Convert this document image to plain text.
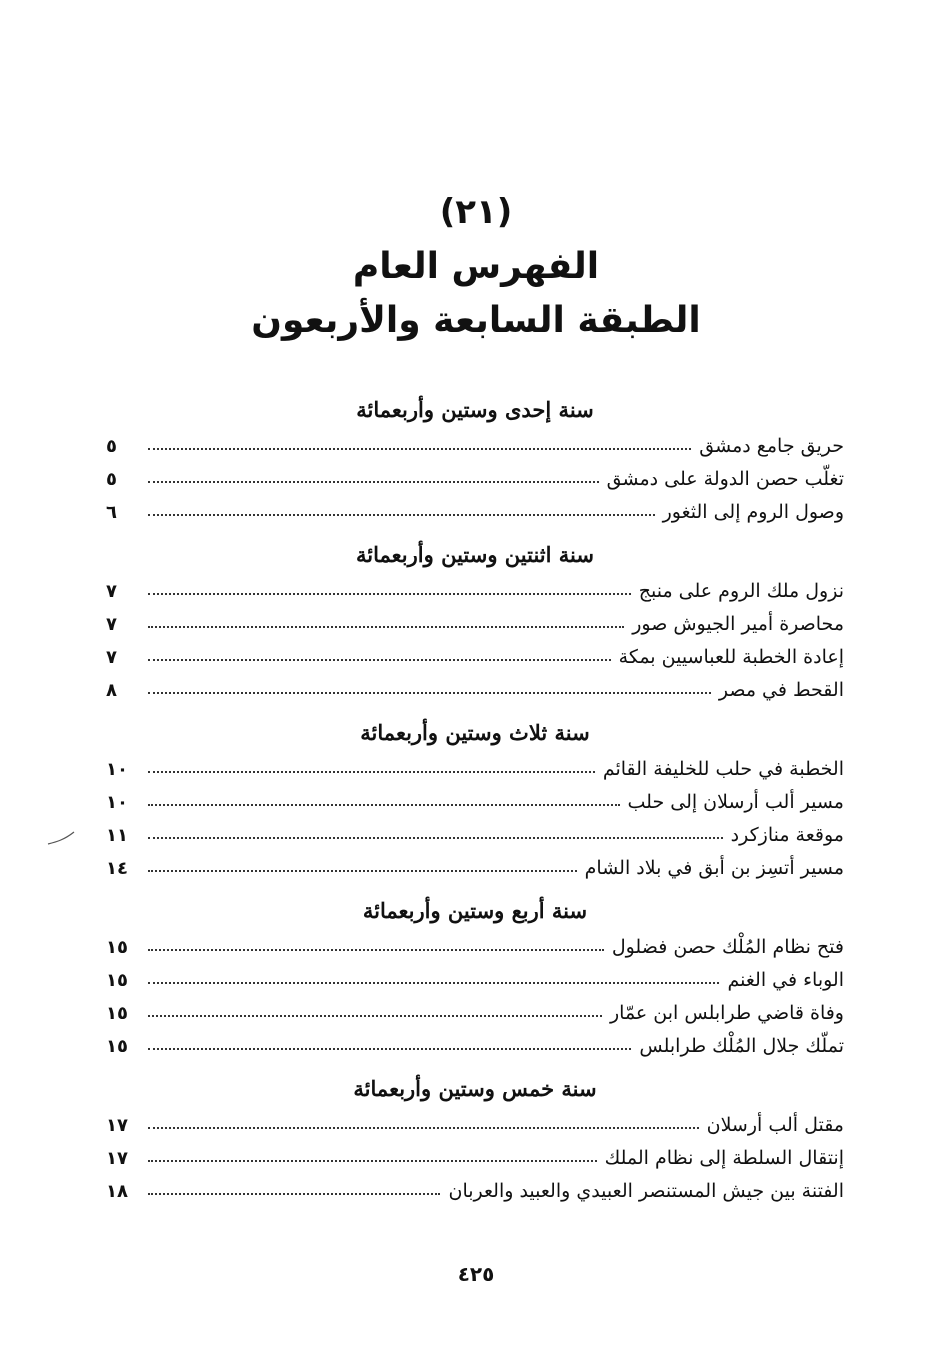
(٢١)
الفهرس العام
الطبقة السابعة والأربعون
سنة إحدى وستين وأربعمائة
حريق جامع دمشق
٥
تغلّب حصن الدولة على دمشق
٥
وصول الروم إلى الثغور
٦
سنة اثنتين وستين وأربعمائة
نزول ملك الروم على منبج
٧
محاصرة أمير الجيوش صور
٧
إعادة الخطبة للعباسيين بمكة
٧
القحط في مصر
٨
سنة ثلاث وستين وأربعمائة
الخطبة في حلب للخليفة القائم
١٠
مسير ألب أرسلان إلى حلب
١٠
موقعة منازكرد
١١
مسير أتسِز بن أبق في بلاد الشام
١٤
سنة أربع وستين وأربعمائة
فتح نظام المُلْك حصن فضلول
١٥
الوباء في الغنم
١٥
وفاة قاضي طرابلس ابن عمّار
١٥
تملّك جلال المُلْك طرابلس
١٥
سنة خمس وستين وأربعمائة
مقتل ألب أرسلان
١٧
إنتقال السلطة إلى نظام الملك
١٧
الفتنة بين جيش المستنصر العبيدي والعبيد والعربان
١٨
٤٢٥
